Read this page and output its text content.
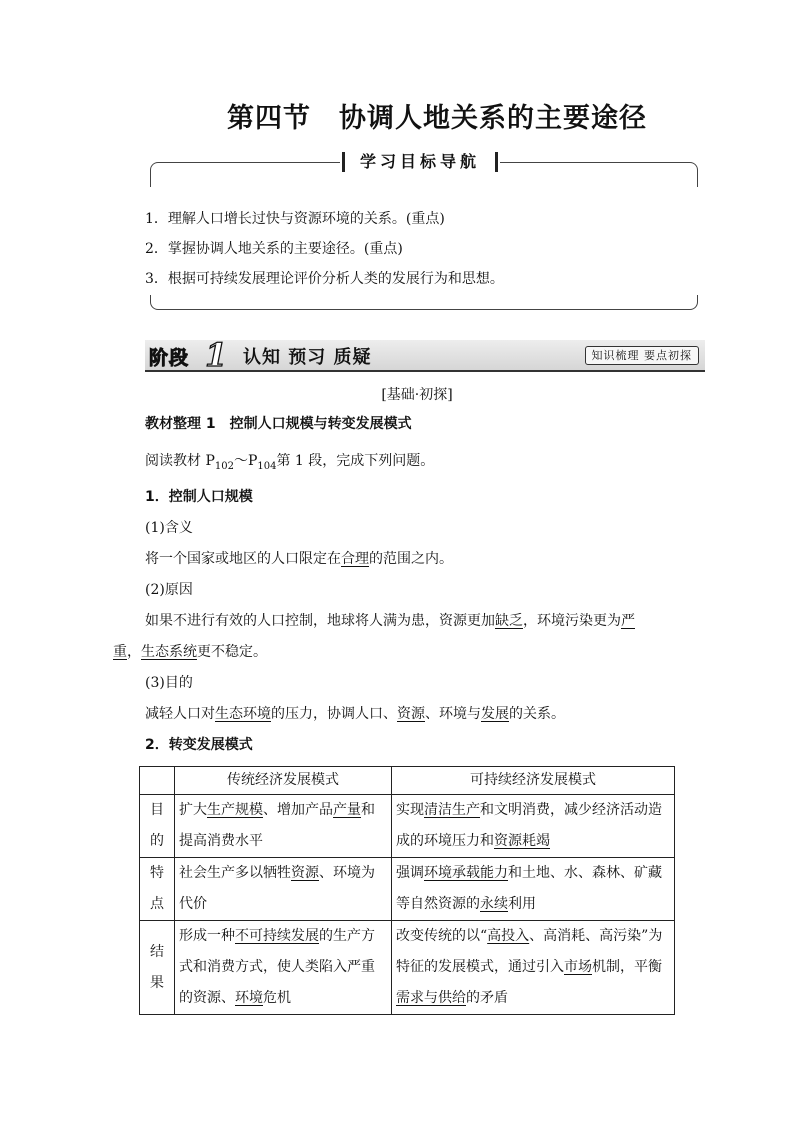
第四节 协调人地关系的主要途径
学习目标导航
1．理解人口增长过快与资源环境的关系。(重点)
2．掌握协调人地关系的主要途径。(重点)
3．根据可持续发展理论评价分析人类的发展行为和思想。
阶段 1 认知 预习 质疑	知识梳理 要点初探
[基础·初探]
教材整理 1　控制人口规模与转变发展模式
阅读教材 $P_{102}\sim P_{104}$第 1 段，完成下列问题。
1．控制人口规模
(1)含义
将一个国家或地区的人口限定在合理的范围之内。
(2)原因
如果不进行有效的人口控制，地球将人满为患，资源更加缺乏，环境污染更为严
重，生态系统更不稳定。
(3)目的
减轻人口对生态环境的压力，协调人口、资源、环境与发展的关系。
2．转变发展模式
	传统经济发展模式	可持续经济发展模式

目
的	扩大生产规模、增加产品产量和提高消费水平	实现清洁生产和文明消费，减少经济活动造成的环境压力和资源耗竭

特
点	社会生产多以牺牲资源、环境为代价	强调环境承载能力和土地、水、森林、矿藏等自然资源的永续利用

结
果	形成一种不可持续发展的生产方式和消费方式，使人类陷入严重的资源、环境危机	改变传统的以“高投入、高消耗、高污染”为特征的发展模式，通过引入市场机制，平衡需求与供给的矛盾
